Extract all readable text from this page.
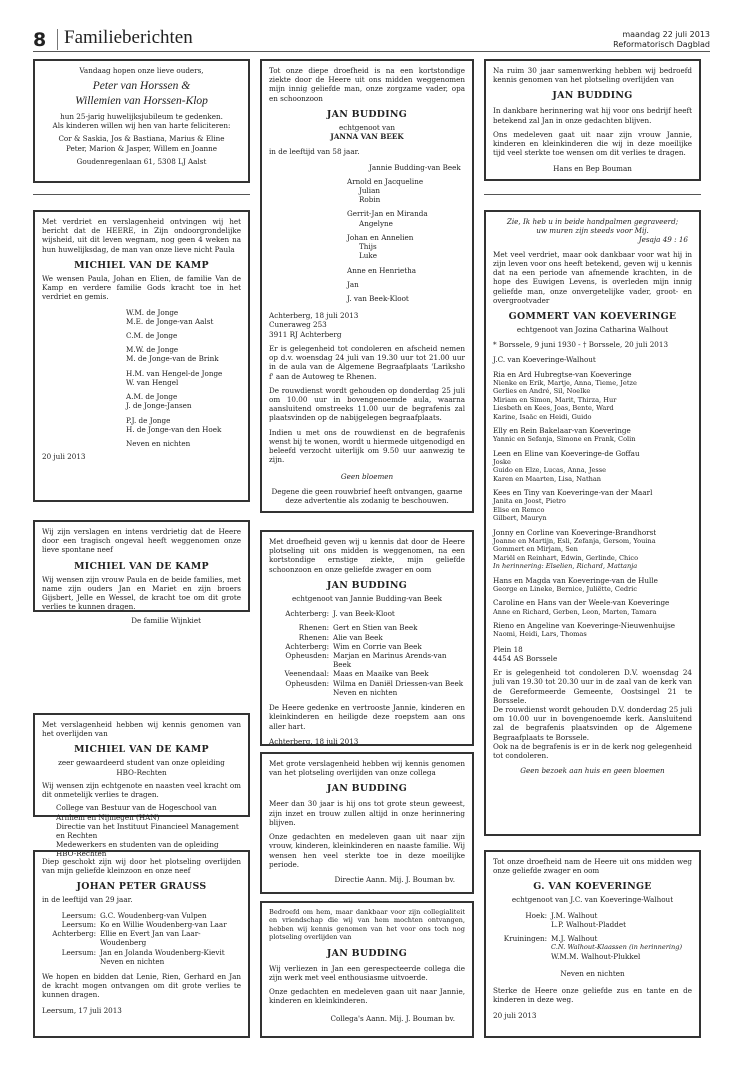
8 Familieberichten	maandag 22 juli 2013
Reformatorisch Dagblad
Vandaag hopen onze lieve ouders,
Peter van Horssen &
Willemien van Horssen-Klop
hun 25-jarig huwelijksjubileum te gedenken.
Als kinderen willen wij hen van harte feliciteren:
Cor & Saskia, Jos & Bastiana, Marius & Eline
Peter, Marion & Jasper, Willem en Joanne
Goudenregenlaan 61, 5308 LJ Aalst
Met verdriet en verslagenheid ontvingen wij het bericht dat de HEERE, in Zijn ondoorgrondelijke wijsheid, uit dit leven wegnam, nog geen 4 weken na hun huwelijksdag, de man van onze lieve nicht Paula
MICHIEL VAN DE KAMP
We wensen Paula, Johan en Elien, de familie Van de Kamp en verdere familie Gods kracht toe in het verdriet en gemis.
W.M. de Jonge
M.E. de Jonge-van Aalst
C.M. de Jonge
M.W. de Jonge
M. de Jonge-van de Brink
H.M. van Hengel-de Jonge
W. van Hengel
A.M. de Jonge
J. de Jonge-Jansen
P.J. de Jonge
H. de Jonge-van den Hoek
Neven en nichten
20 juli 2013
Wij zijn verslagen en intens verdrietig dat de Heere door een tragisch ongeval heeft weggenomen onze lieve spontane neef
MICHIEL VAN DE KAMP
Wij wensen zijn vrouw Paula en de beide families, met name zijn ouders Jan en Mariet en zijn broers Gijsbert, Jelle en Wessel, de kracht toe om dit grote verlies te kunnen dragen.
De familie Wijnkiet
Met verslagenheid hebben wij kennis genomen van het overlijden van
MICHIEL VAN DE KAMP
zeer gewaardeerd student van onze opleiding
HBO-Rechten
Wij wensen zijn echtgenote en naasten veel kracht om dit onmetelijk verlies te dragen.
College van Bestuur van de Hogeschool van Arnhem en Nijmegen (HAN)
Directie van het Instituut Financieel Management en Rechten
Medewerkers en studenten van de opleiding HBO-Rechten
Diep geschokt zijn wij door het plotseling overlijden van mijn geliefde kleinzoon en onze neef
JOHAN PETER GRAUSS
in de leeftijd van 29 jaar.
Leersum: G.C. Woudenberg-van Vulpen
Leersum: Ko en Willie Woudenberg-van Laar
Achterberg: Ellie en Evert Jan van Laar-
Woudenberg
Leersum: Jan en Jolanda Woudenberg-Kievit
Neven en nichten
We hopen en bidden dat Lenie, Rien, Gerhard en Jan de kracht mogen ontvangen om dit grote verlies te kunnen dragen.
Leersum, 17 juli 2013
Tot onze diepe droefheid is na een kortstondige ziekte door de Heere uit ons midden weggenomen mijn innig geliefde man, onze zorgzame vader, opa en schoonzoon
JAN BUDDING
echtgenoot van
JANNA VAN BEEK
in de leeftijd van 58 jaar.
Jannie Budding-van Beek
Arnold en Jacqueline
Julian
Robin
Gerrit-Jan en Miranda
Angelyne
Johan en Annelien
Thijs
Luke
Anne en Henrietha
Jan
J. van Beek-Kloot
Achterberg, 18 juli 2013
Cuneraweg 253
3911 RJ Achterberg
Er is gelegenheid tot condoleren en afscheid nemen op d.v. woensdag 24 juli van 19.30 uur tot 21.00 uur in de aula van de Algemene Begraafplaats 'Lariksho f' aan de Autoweg te Rhenen.
De rouwdienst wordt gehouden op donderdag 25 juli om 10.00 uur in bovengenoemde aula, waarna aansluitend omstreeks 11.00 uur de begrafenis zal plaatsvinden op de nabijgelegen begraafplaats.
Indien u met ons de rouwdienst en de begrafenis wenst bij te wonen, wordt u hiermede uitgenodigd en beleefd verzocht uiterlijk om 9.50 uur aanwezig te zijn.
Geen bloemen
Degene die geen rouwbrief heeft ontvangen, gaarne deze advertentie als zodanig te beschouwen.
Met droefheid geven wij u kennis dat door de Heere plotseling uit ons midden is weggenomen, na een kortstondige ernstige ziekte, mijn geliefde schoonzoon en onze geliefde zwager en oom
JAN BUDDING
echtgenoot van Jannie Budding-van Beek
Achterberg: J. van Beek-Kloot
Rhenen: Gert en Stien van Beek
Rhenen: Alie van Beek
Achterberg: Wim en Corrie van Beek
Opheusden: Marjan en Marinus Arends-van Beek
Veenendaal: Maas en Maaike van Beek
Opheusden: Wilma en Daniël Driessen-van Beek
Neven en nichten
De Heere gedenke en vertrooste Jannie, kinderen en kleinkinderen en heiligde deze roepstem aan ons aller hart.
Achterberg, 18 juli 2013
Met grote verslagenheid hebben wij kennis genomen van het plotseling overlijden van onze collega
JAN BUDDING
Meer dan 30 jaar is hij ons tot grote steun geweest, zijn inzet en trouw zullen altijd in onze herinnering blijven.
Onze gedachten en medeleven gaan uit naar zijn vrouw, kinderen, kleinkinderen en naaste familie. Wij wensen hen veel sterkte toe in deze moeilijke periode.
Directie Aann. Mij. J. Bouman bv.
Bedroefd om hem, maar dankbaar voor zijn collegialiteit en vriendschap die wij van hem mochten ontvangen, hebben wij kennis genomen van het voor ons toch nog plotseling overlijden van
JAN BUDDING
Wij verliezen in Jan een gerespecteerde collega die zijn werk met veel enthousiasme uitvoerde.
Onze gedachten en medeleven gaan uit naar Jannie, kinderen en kleinkinderen.
Collega's Aann. Mij. J. Bouman bv.
Na ruim 30 jaar samenwerking hebben wij bedroefd kennis genomen van het plotseling overlijden van
JAN BUDDING
In dankbare herinnering wat hij voor ons bedrijf heeft betekend zal Jan in onze gedachten blijven.
Ons medeleven gaat uit naar zijn vrouw Jannie, kinderen en kleinkinderen die wij in deze moeilijke tijd veel sterkte toe wensen om dit verlies te dragen.
Hans en Bep Bouman
Zie, Ik heb u in beide handpalmen gegraveerd;
uw muren zijn steeds voor Mij.
Jesaja 49 : 16
Met veel verdriet, maar ook dankbaar voor wat hij in zijn leven voor ons heeft betekend, geven wij u kennis dat na een periode van afnemende krachten, in de hope des Euwigen Levens, is overleden mijn innig geliefde man, onze onvergetelijke vader, groot- en overgrootvader
GOMMERT VAN KOEVERINGE
echtgenoot van Jozina Catharina Walhout
* Borssele, 9 juni 1930 - † Borssele, 20 juli 2013
J.C. van Koeveringe-Walhout
Ria en Ard Hubregtse-van Koeveringe
Nienke en Erik, Martje, Anna, Tieme, Jetze
Gerlies en André, Sil, Noelke
Miriam en Simon, Marit, Thirza, Hur
Liesbeth en Kees, Joas, Bente, Ward
Karine, Isaäc en Heidi, Guido
Elly en Rein Bakelaar-van Koeveringe
Yannic en Sefanja, Simone en Frank, Colin
Leen en Eline van Koeveringe-de Goffau
Joske
Guido en Elze, Lucas, Anna, Jesse
Karen en Maarten, Lisa, Nathan
Kees en Tiny van Koeveringe-van der Maarl
Janita en Joost, Pietro
Elise en Remco
Gilbert, Mauryn
Jonny en Corline van Koeveringe-Brandhorst
Joanne en Martijn, Esli, Zefanja, Gersom, Youina
Gommert en Mirjam, Sen
Mariël en Reinhart, Edwin, Gerlinde, Chico
In herinnering: Elselien, Richard, Mattanja
Hans en Magda van Koeveringe-van de Hulle
George en Lineke, Bernice, Juliëtte, Cedric
Caroline en Hans van der Weele-van Koeveringe
Anne en Richard, Gerben, Leon, Marten, Tamara
Rieno en Angeline van Koeveringe-Nieuwenhuijse
Naomi, Heidi, Lars, Thomas
Plein 18
4454 AS Borssele
Er is gelegenheid tot condoleren D.V. woensdag 24 juli van 19.30 tot 20.30 uur in de zaal van de kerk van de Gereformeerde Gemeente, Oostsingel 21 te Borssele.
De rouwdienst wordt gehouden D.V. donderdag 25 juli om 10.00 uur in bovengenoemde kerk. Aansluitend zal de begrafenis plaatsvinden op de Algemene Begraafplaats te Borssele.
Ook na de begrafenis is er in de kerk nog gelegenheid tot condoleren.
Geen bezoek aan huis en geen bloemen
Tot onze droefheid nam de Heere uit ons midden weg onze geliefde zwager en oom
G. VAN KOEVERINGE
echtgenoot van J.C. van Koeveringe-Walhout
Hoek: J.M. Walhout
L.P. Walhout-Pladdet
Kruiningen: M.J. Walhout
C.N. Walhout-Klaassen (in herinnering)
W.M.M. Walhout-Plukkel
Neven en nichten
Sterke de Heere onze geliefde zus en tante en de kinderen in deze weg.
20 juli 2013
